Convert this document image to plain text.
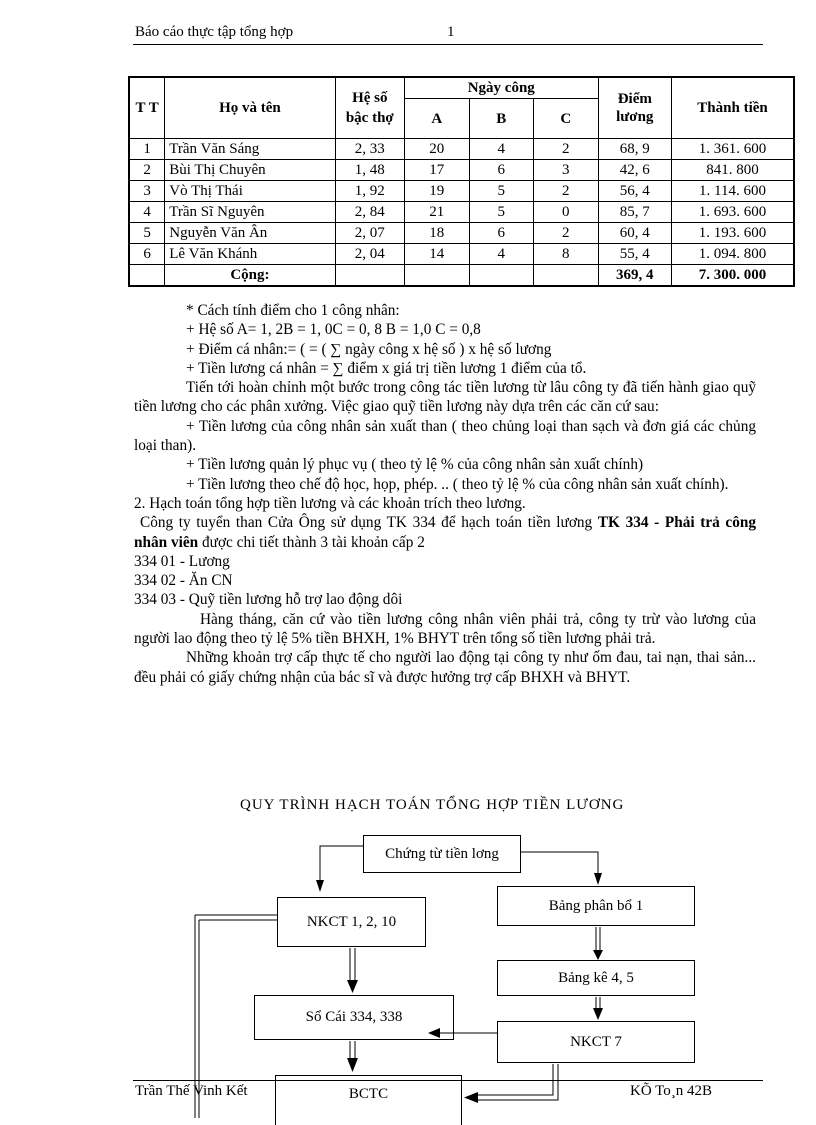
Báo cáo thực tập tổng hợp	1
T T	Họ và tên	Hệ số bậc thợ	Ngày công			Điểm lương	Thành tiền
			A	B	C		
1	Trần Văn Sáng	2, 33	20	4	2	68, 9	1. 361. 600
2	Bùi Thị Chuyên	1, 48	17	6	3	42, 6	841. 800
3	Vò Thị Thái	1, 92	19	5	2	56, 4	1. 114. 600
4	Trần Sĩ Nguyên	2, 84	21	5	0	85, 7	1. 693. 600
5	Nguyễn Văn Ân	2, 07	18	6	2	60, 4	1. 193. 600
6	Lê Văn Khánh	2, 04	14	4	8	55, 4	1. 094. 800
	Cộng:					369, 4	7. 300. 000

* Cách tính điểm cho 1 công nhân:

+ Hệ số A= 1, 2B = 1, 0C = 0, 8 B = 1,0 C = 0,8

+ Điểm cá nhân:= ( = ( ∑ ngày công x hệ số ) x hệ số lương

+ Tiền lương cá nhân = ∑ điểm x giá trị tiền lương 1 điểm của tổ.

Tiến tới hoàn chỉnh một bước trong công tác tiền lương từ lâu công ty đã tiến hành giao quỹ tiền lương cho các phân xưởng. Việc giao quỹ tiền lương này dựa trên các căn cứ sau:

+ Tiền lương của công nhân sản xuất than ( theo chủng loại than sạch và đơn giá các chủng loại than).

+ Tiền lương quản lý phục vụ ( theo tỷ lệ % của công nhân sản xuất chính)

+ Tiền lương theo chế độ học, họp, phép. .. ( theo tỷ lệ % của công nhân sản xuất chính).

2. Hạch toán tổng hợp tiền lương và các khoản trích theo lương.

Công ty tuyển than Cửa Ông sử dụng TK 334 để hạch toán tiền lương TK 334 - Phải trả công nhân viên được chi tiết thành 3 tài khoản cấp 2

334 01 - Lương

334 02 - Ăn CN

334 03 - Quỹ tiền lương hỗ trợ lao động dôi

Hàng tháng, căn cứ vào tiền lương công nhân viên phải trả, công ty trừ vào lương của người lao động theo tỷ lệ 5% tiền BHXH, 1% BHYT trên tổng số tiền lương phải trả.

Những khoản trợ cấp thực tế cho người lao động tại công ty như ốm đau, tai nạn, thai sản... đều phải có giấy chứng nhận của bác sĩ và được hưởng trợ cấp BHXH và BHYT.

QUY TRÌNH HẠCH TOÁN TỔNG HỢP TIỀN LƯƠNG
Chứng từ tiền lơng
NKCT 1, 2, 10
Bảng phân bổ 1
Bảng kê 4, 5
Sổ Cái 334, 338
NKCT 7
BCTC
Trần Thế Vinh Kết	KÕ To¸n 42B
